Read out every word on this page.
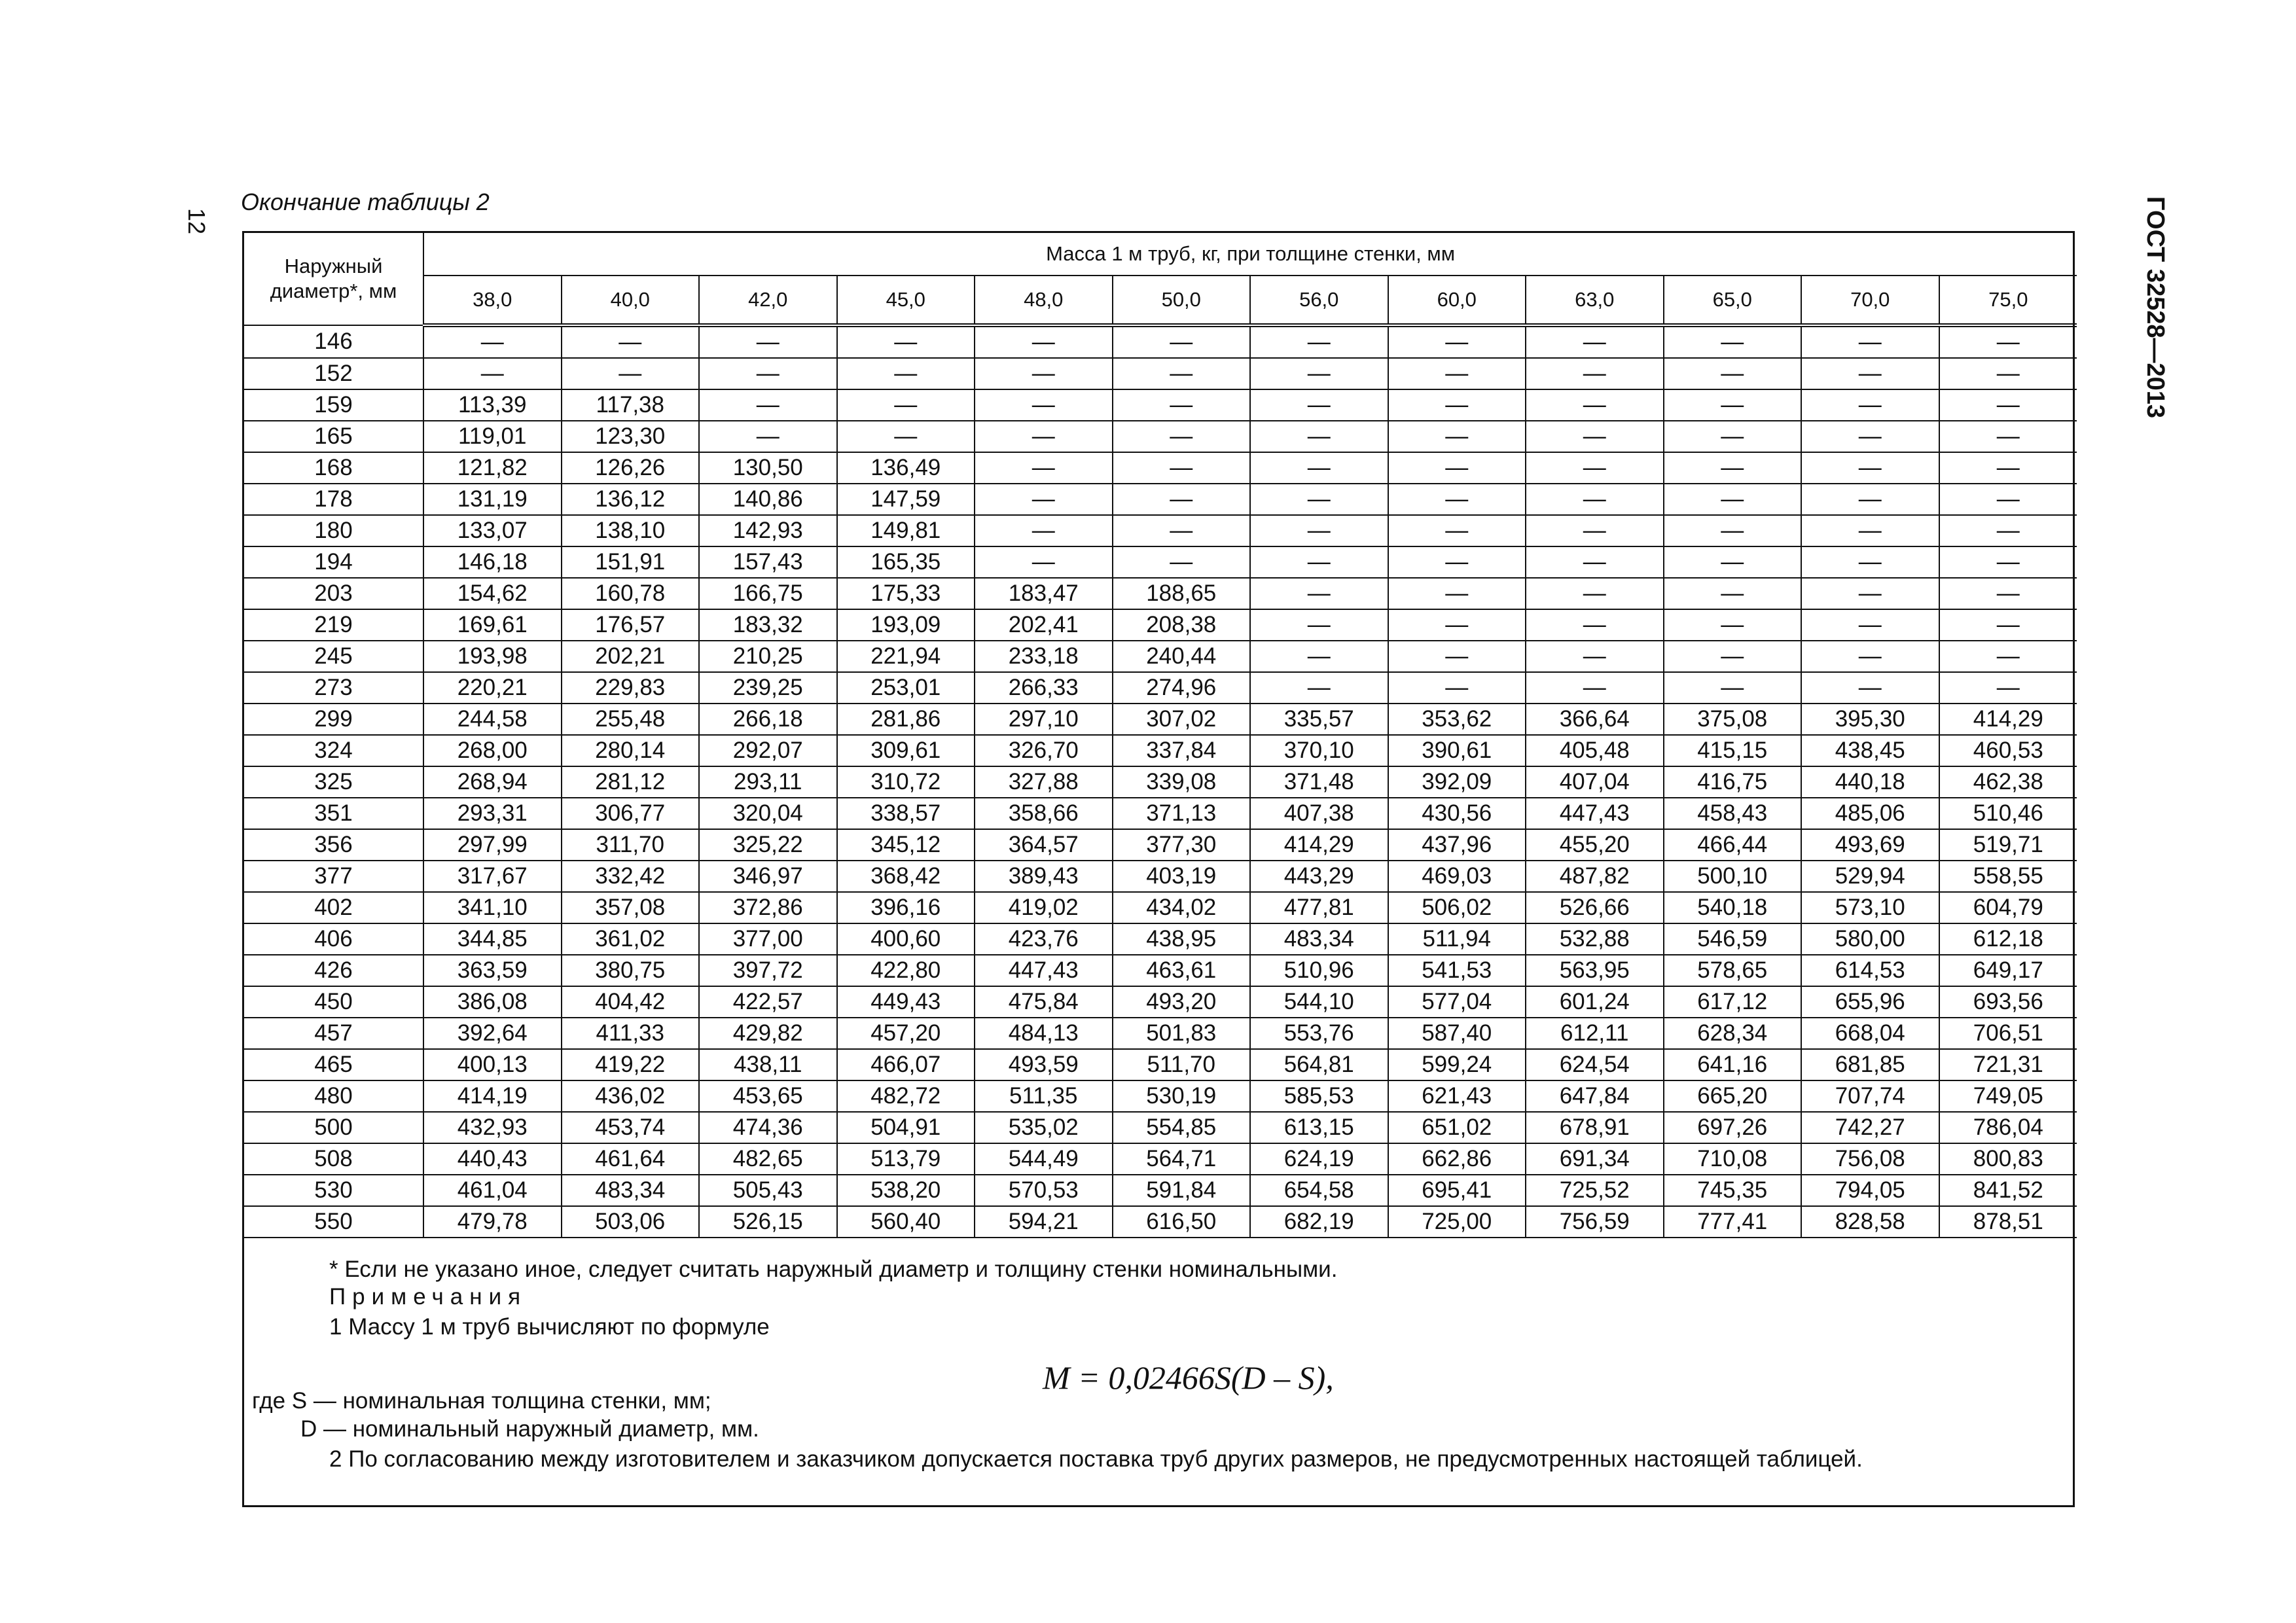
12	ГОСТ 32528—2013
Окончание таблицы 2
Наружный диаметр*, мм	Масса 1 м труб, кг, при толщине стенки, мм											
	38,0	40,0	42,0	45,0	48,0	50,0	56,0	60,0	63,0	65,0	70,0	75,0
146	—	—	—	—	—	—	—	—	—	—	—	—
152	—	—	—	—	—	—	—	—	—	—	—	—
159	113,39	117,38	—	—	—	—	—	—	—	—	—	—
165	119,01	123,30	—	—	—	—	—	—	—	—	—	—
168	121,82	126,26	130,50	136,49	—	—	—	—	—	—	—	—
178	131,19	136,12	140,86	147,59	—	—	—	—	—	—	—	—
180	133,07	138,10	142,93	149,81	—	—	—	—	—	—	—	—
194	146,18	151,91	157,43	165,35	—	—	—	—	—	—	—	—
203	154,62	160,78	166,75	175,33	183,47	188,65	—	—	—	—	—	—
219	169,61	176,57	183,32	193,09	202,41	208,38	—	—	—	—	—	—
245	193,98	202,21	210,25	221,94	233,18	240,44	—	—	—	—	—	—
273	220,21	229,83	239,25	253,01	266,33	274,96	—	—	—	—	—	—
299	244,58	255,48	266,18	281,86	297,10	307,02	335,57	353,62	366,64	375,08	395,30	414,29
324	268,00	280,14	292,07	309,61	326,70	337,84	370,10	390,61	405,48	415,15	438,45	460,53
325	268,94	281,12	293,11	310,72	327,88	339,08	371,48	392,09	407,04	416,75	440,18	462,38
351	293,31	306,77	320,04	338,57	358,66	371,13	407,38	430,56	447,43	458,43	485,06	510,46
356	297,99	311,70	325,22	345,12	364,57	377,30	414,29	437,96	455,20	466,44	493,69	519,71
377	317,67	332,42	346,97	368,42	389,43	403,19	443,29	469,03	487,82	500,10	529,94	558,55
402	341,10	357,08	372,86	396,16	419,02	434,02	477,81	506,02	526,66	540,18	573,10	604,79
406	344,85	361,02	377,00	400,60	423,76	438,95	483,34	511,94	532,88	546,59	580,00	612,18
426	363,59	380,75	397,72	422,80	447,43	463,61	510,96	541,53	563,95	578,65	614,53	649,17
450	386,08	404,42	422,57	449,43	475,84	493,20	544,10	577,04	601,24	617,12	655,96	693,56
457	392,64	411,33	429,82	457,20	484,13	501,83	553,76	587,40	612,11	628,34	668,04	706,51
465	400,13	419,22	438,11	466,07	493,59	511,70	564,81	599,24	624,54	641,16	681,85	721,31
480	414,19	436,02	453,65	482,72	511,35	530,19	585,53	621,43	647,84	665,20	707,74	749,05
500	432,93	453,74	474,36	504,91	535,02	554,85	613,15	651,02	678,91	697,26	742,27	786,04
508	440,43	461,64	482,65	513,79	544,49	564,71	624,19	662,86	691,34	710,08	756,08	800,83
530	461,04	483,34	505,43	538,20	570,53	591,84	654,58	695,41	725,52	745,35	794,05	841,52
550	479,78	503,06	526,15	560,40	594,21	616,50	682,19	725,00	756,59	777,41	828,58	878,51
* Если не указано иное, следует считать наружный диаметр и толщину стенки номинальными.
Примечания
1 Массу 1 м труб вычисляют по формуле
где S — номинальная толщина стенки, мм;
D — номинальный наружный диаметр, мм.
2 По согласованию между изготовителем и заказчиком допускается поставка труб других размеров, не предусмотренных настоящей таблицей.
M = 0,02466S(D – S),
